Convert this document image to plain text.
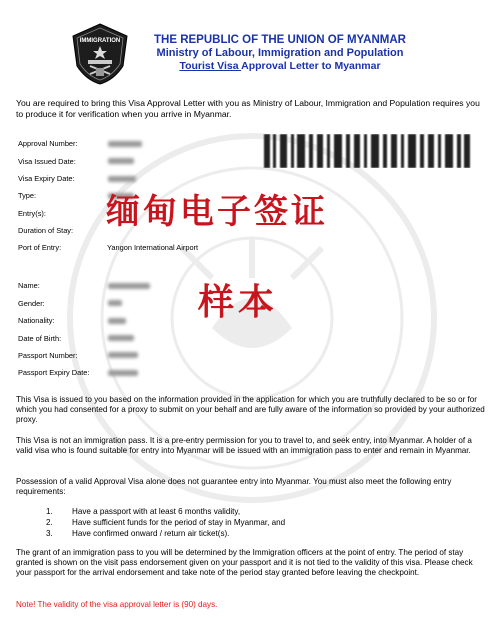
IMMIGRATION	THE REPUBLIC OF THE UNION OF MYANMAR
Ministry of Labour, Immigration and Population
Tourist Visa Approval Letter to Myanmar
You are required to bring this Visa Approval Letter with you as Ministry of Labour, Immigration and Population requires you to produce it for verification when you arrive in Myanmar.
Approval Number:
Visa Issued Date:
Visa Expiry Date:
Type:
Entry(s):
Duration of Stay:
Port of Entry:	Yangon International Airport
Name:
Gender:
Nationality:
Date of Birth:
Passport Number:
Passport Expiry Date:
缅甸电子签证
样本
This Visa is issued to you based on the information provided in the application for which you are truthfully declared to be so or for which you had consented for a proxy to submit on your behalf and are fully aware of the information so provided by your authorized proxy.
This Visa is not an immigration pass. It is a pre-entry permission for you to travel to, and seek entry, into Myanmar. A holder of a valid visa who is found suitable for entry into Myanmar will be issued with an immigration pass to enter and remain in Myanmar.
Possession of a valid Approval Visa alone does not guarantee entry into Myanmar. You must also meet the following entry requirements:
1. Have a passport with at least 6 months validity,
2. Have sufficient funds for the period of stay in Myanmar, and
3. Have confirmed onward / return air ticket(s).
The grant of an immigration pass to you will be determined by the Immigration officers at the point of entry. The period of stay granted is shown on the visit pass endorsement given on your passport and it is not tied to the validity of this visa. Please check your passport for the arrival endorsement and take note of the period stay granted before leaving the checkpoint.
Note! The validity of the visa approval letter is (90) days.
